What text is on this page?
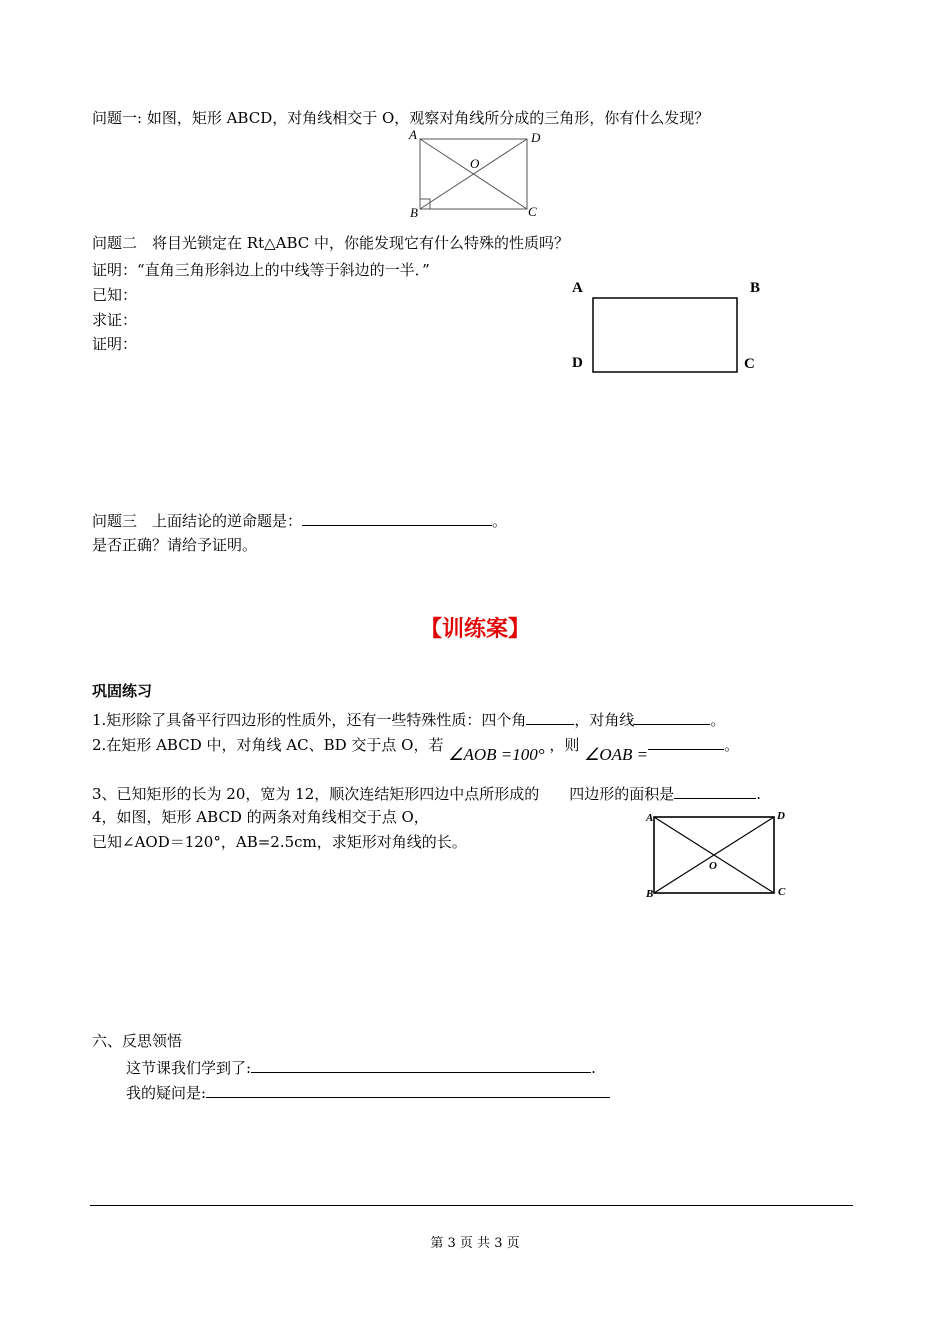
问题一: 如图，矩形 ABCD，对角线相交于 O，观察对角线所分成的三角形，你有什么发现？
A	D
O
B	C
问题二　将目光锁定在 Rt△ABC 中，你能发现它有什么特殊的性质吗？
证明：“直角三角形斜边上的中线等于斜边的一半．”
已知：
求证：
证明：
A	B
D	C
问题三　上面结论的逆命题是：	。
是否正确？请给予证明。
【训练案】
巩固练习
1.矩形除了具备平行四边形的性质外，还有一些特殊性质：四个角	，对角线	。
2.在矩形 ABCD 中，对角线 AC、BD 交于点 O，若 ∠AOB =100° ，则 ∠OAB =	。
3、已知矩形的长为 20，宽为 12，顺次连结矩形四边中点所形成的　　四边形的面积是	.
4，如图，矩形 ABCD 的两条对角线相交于点 O，
已知∠AOD＝120°，AB=2.5cm，求矩形对角线的长。
A	D
O
B	C
六、反思领悟
这节课我们学到了:	.
我的疑问是:
第 3 页 共 3 页
